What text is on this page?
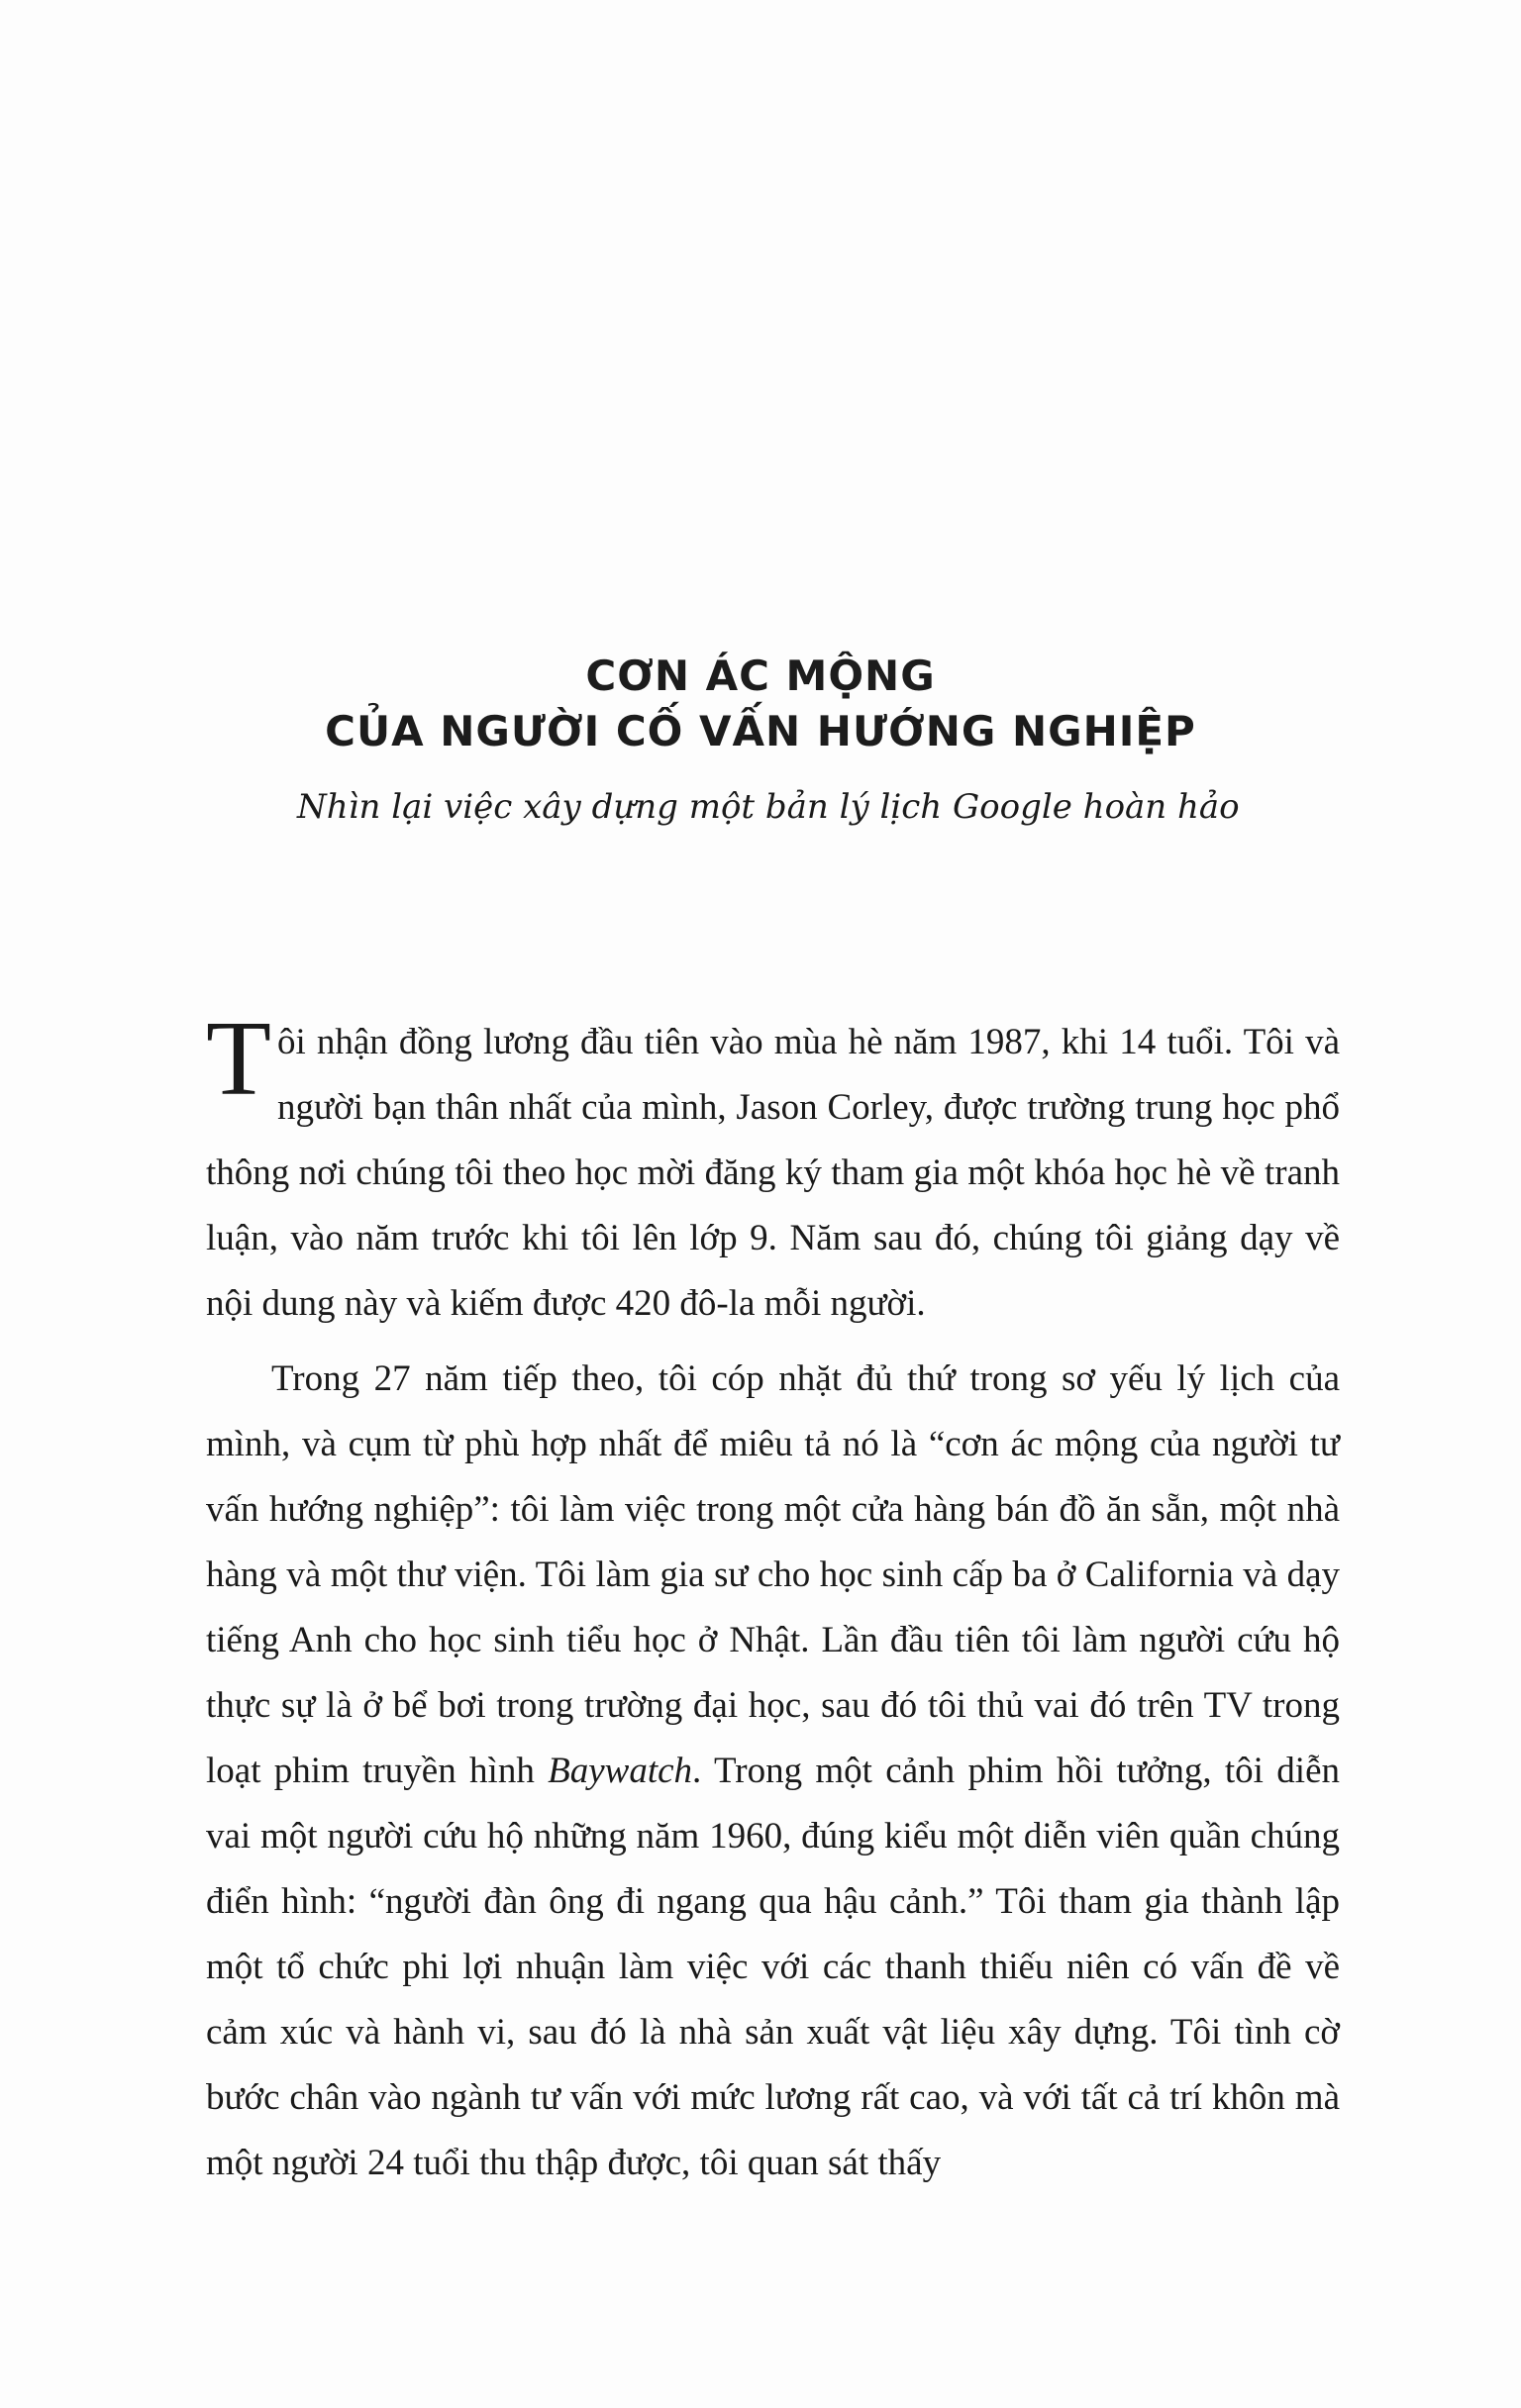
CƠN ÁC MỘNG
CỦA NGƯỜI CỐ VẤN HƯỚNG NGHIỆP
Nhìn lại việc xây dựng một bản lý lịch Google hoàn hảo

Tôi nhận đồng lương đầu tiên vào mùa hè năm 1987, khi 14 tuổi. Tôi và người bạn thân nhất của mình, Jason Corley, được trường trung học phổ thông nơi chúng tôi theo học mời đăng ký tham gia một khóa học hè về tranh luận, vào năm trước khi tôi lên lớp 9. Năm sau đó, chúng tôi giảng dạy về nội dung này và kiếm được 420 đô-la mỗi người.

Trong 27 năm tiếp theo, tôi cóp nhặt đủ thứ trong sơ yếu lý lịch của mình, và cụm từ phù hợp nhất để miêu tả nó là “cơn ác mộng của người tư vấn hướng nghiệp”: tôi làm việc trong một cửa hàng bán đồ ăn sẵn, một nhà hàng và một thư viện. Tôi làm gia sư cho học sinh cấp ba ở California và dạy tiếng Anh cho học sinh tiểu học ở Nhật. Lần đầu tiên tôi làm người cứu hộ thực sự là ở bể bơi trong trường đại học, sau đó tôi thủ vai đó trên TV trong loạt phim truyền hình Baywatch. Trong một cảnh phim hồi tưởng, tôi diễn vai một người cứu hộ những năm 1960, đúng kiểu một diễn viên quần chúng điển hình: “người đàn ông đi ngang qua hậu cảnh.” Tôi tham gia thành lập một tổ chức phi lợi nhuận làm việc với các thanh thiếu niên có vấn đề về cảm xúc và hành vi, sau đó là nhà sản xuất vật liệu xây dựng. Tôi tình cờ bước chân vào ngành tư vấn với mức lương rất cao, và với tất cả trí khôn mà một người 24 tuổi thu thập được, tôi quan sát thấy
